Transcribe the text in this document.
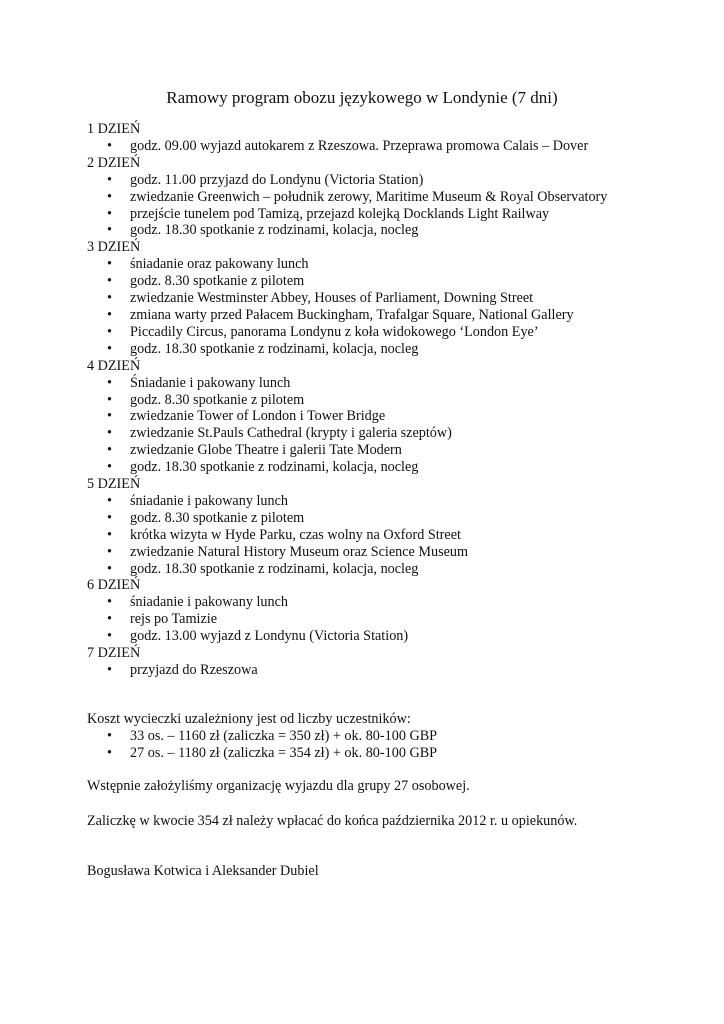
Ramowy program obozu językowego w Londynie (7 dni)
1 DZIEŃ
• godz. 09.00 wyjazd autokarem z Rzeszowa. Przeprawa promowa Calais – Dover
2 DZIEŃ
• godz. 11.00 przyjazd do Londynu (Victoria Station)
• zwiedzanie Greenwich – południk zerowy, Maritime Museum & Royal Observatory
• przejście tunelem pod Tamizą, przejazd kolejką Docklands Light Railway
• godz. 18.30 spotkanie z rodzinami, kolacja, nocleg
3 DZIEŃ
• śniadanie oraz pakowany lunch
• godz. 8.30 spotkanie z pilotem
• zwiedzanie Westminster Abbey, Houses of Parliament, Downing Street
• zmiana warty przed Pałacem Buckingham, Trafalgar Square, National Gallery
• Piccadily Circus, panorama Londynu z koła widokowego ‘London Eye’
• godz. 18.30 spotkanie z rodzinami, kolacja, nocleg
4 DZIEŃ
• Śniadanie i pakowany lunch
• godz. 8.30 spotkanie z pilotem
• zwiedzanie Tower of London i Tower Bridge
• zwiedzanie St.Pauls Cathedral (krypty i galeria szeptów)
• zwiedzanie Globe Theatre i galerii Tate Modern
• godz. 18.30 spotkanie z rodzinami, kolacja, nocleg
5 DZIEŃ
• śniadanie i pakowany lunch
• godz. 8.30 spotkanie z pilotem
• krótka wizyta w Hyde Parku, czas wolny na Oxford Street
• zwiedzanie Natural History Museum oraz Science Museum
• godz. 18.30 spotkanie z rodzinami, kolacja, nocleg
6 DZIEŃ
• śniadanie i pakowany lunch
• rejs po Tamizie
• godz. 13.00 wyjazd z Londynu (Victoria Station)
7 DZIEŃ
• przyjazd do Rzeszowa
Koszt wycieczki uzależniony jest od liczby uczestników:
• 33 os. – 1160 zł (zaliczka = 350 zł) + ok. 80-100 GBP
• 27 os. – 1180 zł (zaliczka = 354 zł) + ok. 80-100 GBP
Wstępnie założyliśmy organizację wyjazdu dla grupy 27 osobowej.
Zaliczkę w kwocie 354 zł należy wpłacać do końca października 2012 r. u opiekunów.
Bogusława Kotwica i Aleksander Dubiel
